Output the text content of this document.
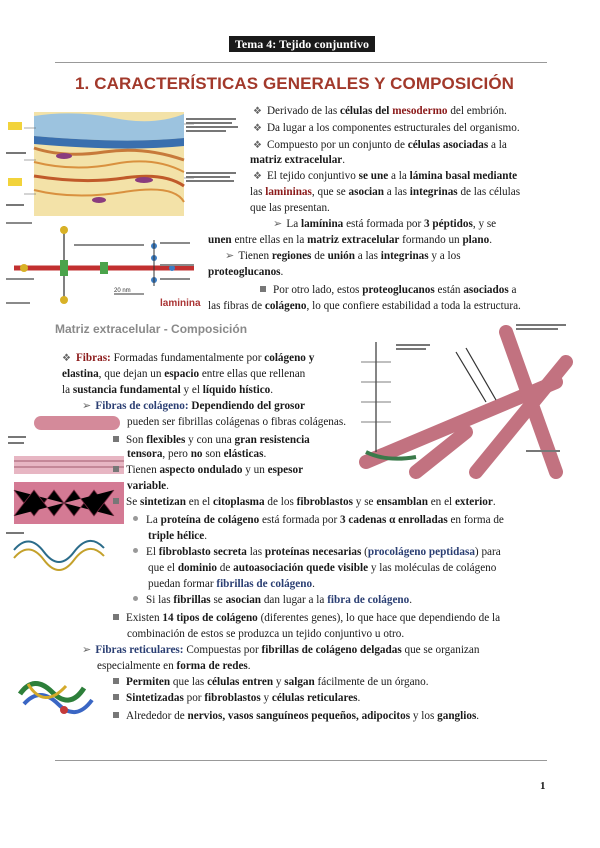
Tema 4: Tejido conjuntivo
1. CARACTERÍSTICAS GENERALES Y COMPOSICIÓN
20 nm
laminina
❖ Derivado de las células del mesodermo del embrión.
❖ Da lugar a los componentes estructurales del organismo.
❖ Compuesto por un conjunto de células asociadas a la
matriz extracelular.
❖ El tejido conjuntivo se une a la lámina basal mediante
las lamininas, que se asocian a las integrinas de las células
que las presentan.
➢ La lamínina está formada por 3 péptidos, y se
unen entre ellas en la matriz extracelular formando un plano.
➢ Tienen regiones de unión a las integrinas y a los
proteoglucanos.
Por otro lado, estos proteoglucanos están asociados a
las fibras de colágeno, lo que confiere estabilidad a toda la estructura.
Matriz extracelular - Composición
❖ Fibras: Formadas fundamentalmente por colágeno y
elastina, que dejan un espacio entre ellas que rellenan
la sustancia fundamental y el líquido hístico.
➢ Fibras de colágeno: Dependiendo del grosor
pueden ser fibrillas colágenas o fibras colágenas.
Son flexibles y con una gran resistencia
tensora, pero no son elásticas.
Tienen aspecto ondulado y un espesor
variable.
Se sintetizan en el citoplasma de los fibroblastos y se ensamblan en el exterior.
La proteína de colágeno está formada por 3 cadenas α enrolladas en forma de
triple hélice.
El fibroblasto secreta las proteínas necesarias (procolágeno peptidasa) para
que el dominio de autoasociación quede visible y las moléculas de colágeno
puedan formar fibrillas de colágeno.
Si las fibrillas se asocian dan lugar a la fibra de colágeno.
Existen 14 tipos de colágeno (diferentes genes), lo que hace que dependiendo de la
combinación de estos se produzca un tejido conjuntivo u otro.
➢ Fibras reticulares: Compuestas por fibrillas de colágeno delgadas que se organizan
especialmente en forma de redes.
Permiten que las células entren y salgan fácilmente de un órgano.
Sintetizadas por fibroblastos y células reticulares.
Alrededor de nervios, vasos sanguíneos pequeños, adipocitos y los ganglios.
1
